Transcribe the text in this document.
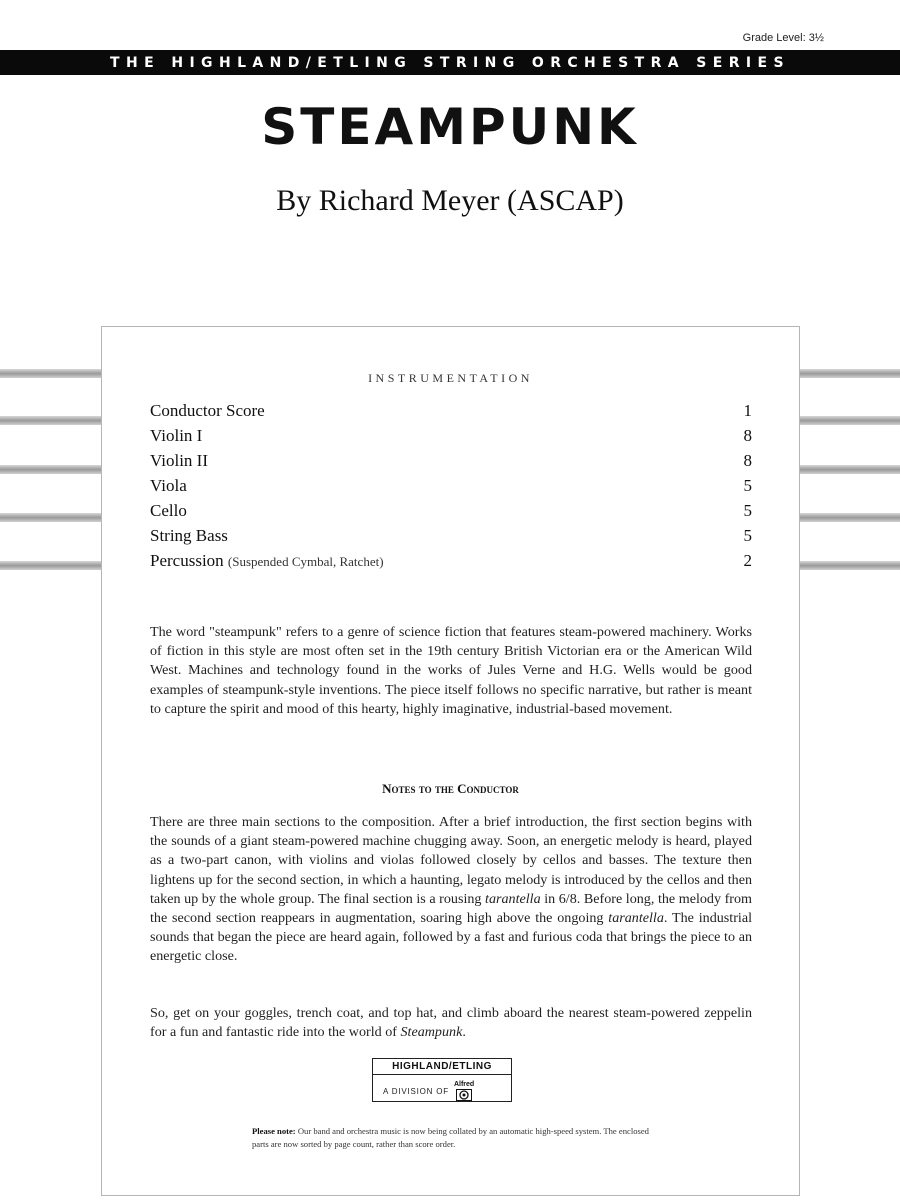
Grade Level: 3½
THE HIGHLAND/ETLING STRING ORCHESTRA SERIES
STEAMPUNK
By Richard Meyer (ASCAP)
INSTRUMENTATION
Conductor Score	1
Violin I	8
Violin II	8
Viola	5
Cello	5
String Bass	5
Percussion (Suspended Cymbal, Ratchet)	2

The word "steampunk" refers to a genre of science fiction that features steam-powered machinery. Works of fiction in this style are most often set in the 19th century British Victorian era or the American Wild West. Machines and technology found in the works of Jules Verne and H.G. Wells would be good examples of steampunk-style inventions. The piece itself follows no specific narrative, but rather is meant to capture the spirit and mood of this hearty, highly imaginative, industrial-based movement.

Notes to the Conductor

There are three main sections to the composition. After a brief introduction, the first section begins with the sounds of a giant steam-powered machine chugging away. Soon, an energetic melody is heard, played as a two-part canon, with violins and violas followed closely by cellos and basses. The texture then lightens up for the second section, in which a haunting, legato melody is introduced by the cellos and then taken up by the whole group. The final section is a rousing tarantella in 6/8. Before long, the melody from the second section reappears in augmentation, soaring high above the ongoing tarantella. The industrial sounds that began the piece are heard again, followed by a fast and furious coda that brings the piece to an energetic close.

So, get on your goggles, trench coat, and top hat, and climb aboard the nearest steam-powered zeppelin for a fun and fantastic ride into the world of Steampunk.

HIGHLAND/ETLING
A DIVISION OF
Alfred

Please note: Our band and orchestra music is now being collated by an automatic high-speed system. The enclosed parts are now sorted by page count, rather than score order.
